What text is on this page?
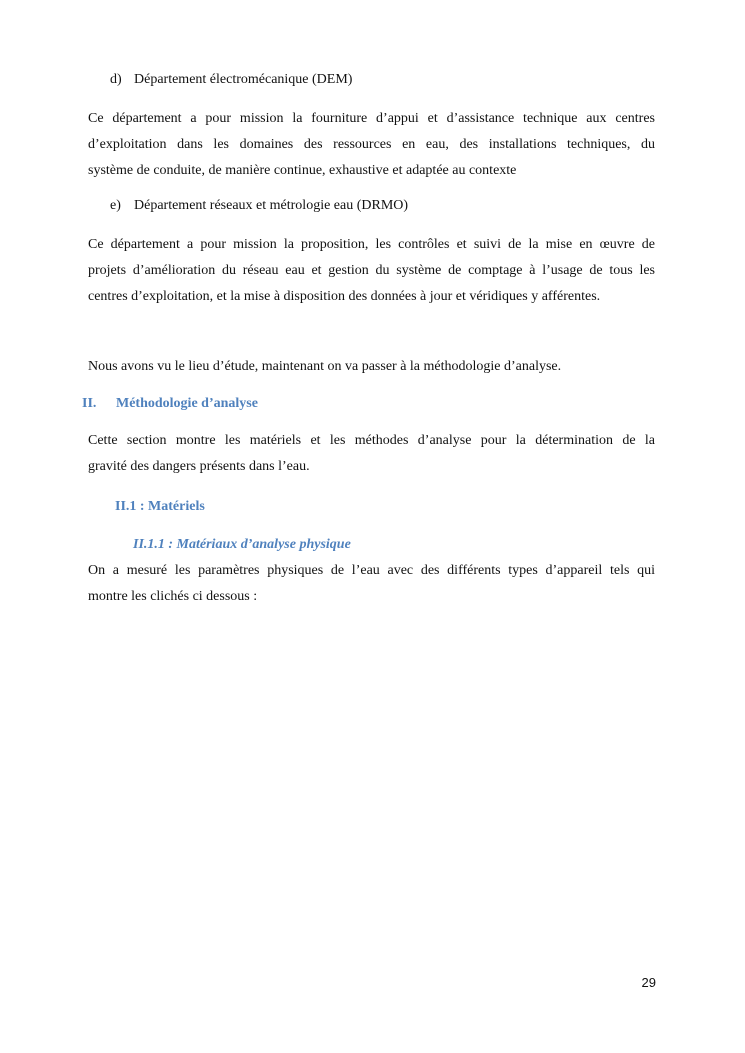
d) Département électromécanique (DEM)
Ce département a pour mission la fourniture d’appui et d’assistance technique aux centres
d’exploitation dans les domaines des ressources en eau, des installations techniques, du
système de conduite, de manière continue, exhaustive et adaptée au contexte
e) Département réseaux et métrologie eau (DRMO)
Ce département a pour mission la proposition, les contrôles et suivi de la mise en œuvre de
projets d’amélioration du réseau eau et gestion du système de comptage à l’usage de tous les
centres d’exploitation, et la mise à disposition des données à jour et véridiques y afférentes.
Nous avons vu le lieu d’étude, maintenant on va passer à la méthodologie d’analyse.
II. Méthodologie d’analyse
Cette section montre les matériels et les méthodes d’analyse pour la détermination de la
gravité des dangers présents dans l’eau.
II.1 : Matériels
II.1.1 : Matériaux d’analyse physique
On a mesuré les paramètres physiques de l’eau avec des différents types d’appareil tels qui
montre les clichés ci dessous :
29
